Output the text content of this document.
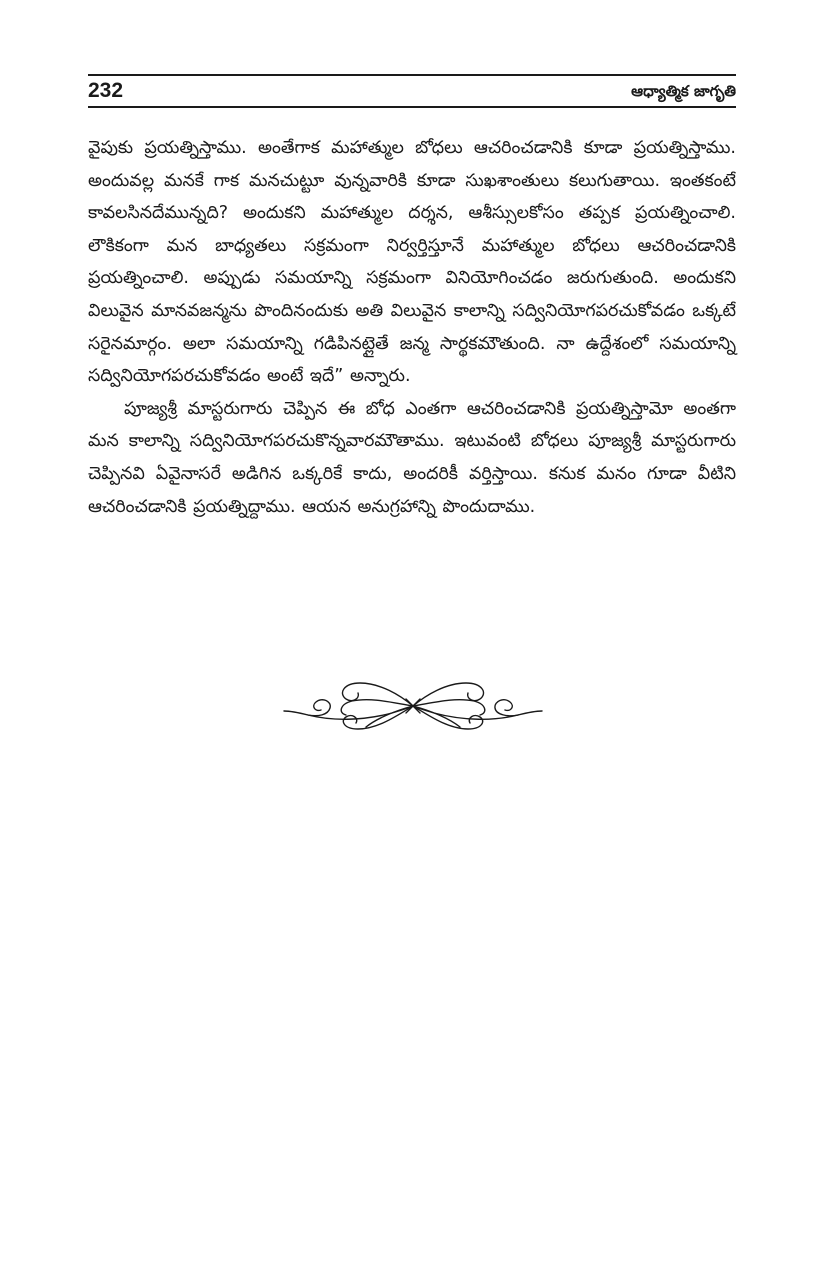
232	ఆధ్యాత్మిక జాగృతి

వైపుకు ప్రయత్నిస్తాము. అంతేగాక మహాత్ముల బోధలు ఆచరించడానికి కూడా ప్రయత్నిస్తాము. అందువల్ల మనకే గాక మనచుట్టూ వున్నవారికి కూడా సుఖశాంతులు కలుగుతాయి. ఇంతకంటే కావలసినదేమున్నది? అందుకని మహాత్ముల దర్శన, ఆశీస్సులకోసం తప్పక ప్రయత్నించాలి. లౌకికంగా మన బాధ్యతలు సక్రమంగా నిర్వర్తిస్తూనే మహాత్ముల బోధలు ఆచరించడానికి ప్రయత్నించాలి. అప్పుడు సమయాన్ని సక్రమంగా వినియోగించడం జరుగుతుంది. అందుకని విలువైన మానవజన్మను పొందినందుకు అతి విలువైన కాలాన్ని సద్వినియోగపరచుకోవడం ఒక్కటే సరైనమార్గం. అలా సమయాన్ని గడిపినట్లైతే జన్మ సార్థకమౌతుంది. నా ఉద్దేశంలో సమయాన్ని సద్వినియోగపరచుకోవడం అంటే ఇదే” అన్నారు.

పూజ్యశ్రీ మాస్టరుగారు చెప్పిన ఈ బోధ ఎంతగా ఆచరించడానికి ప్రయత్నిస్తామో అంతగా మన కాలాన్ని సద్వినియోగపరచుకొన్నవారమౌతాము. ఇటువంటి బోధలు పూజ్యశ్రీ మాస్టరుగారు చెప్పినవి ఏవైనాసరే అడిగిన ఒక్కరికే కాదు, అందరికీ వర్తిస్తాయి. కనుక మనం గూడా వీటిని ఆచరించడానికి ప్రయత్నిద్దాము. ఆయన అనుగ్రహాన్ని పొందుదాము.
